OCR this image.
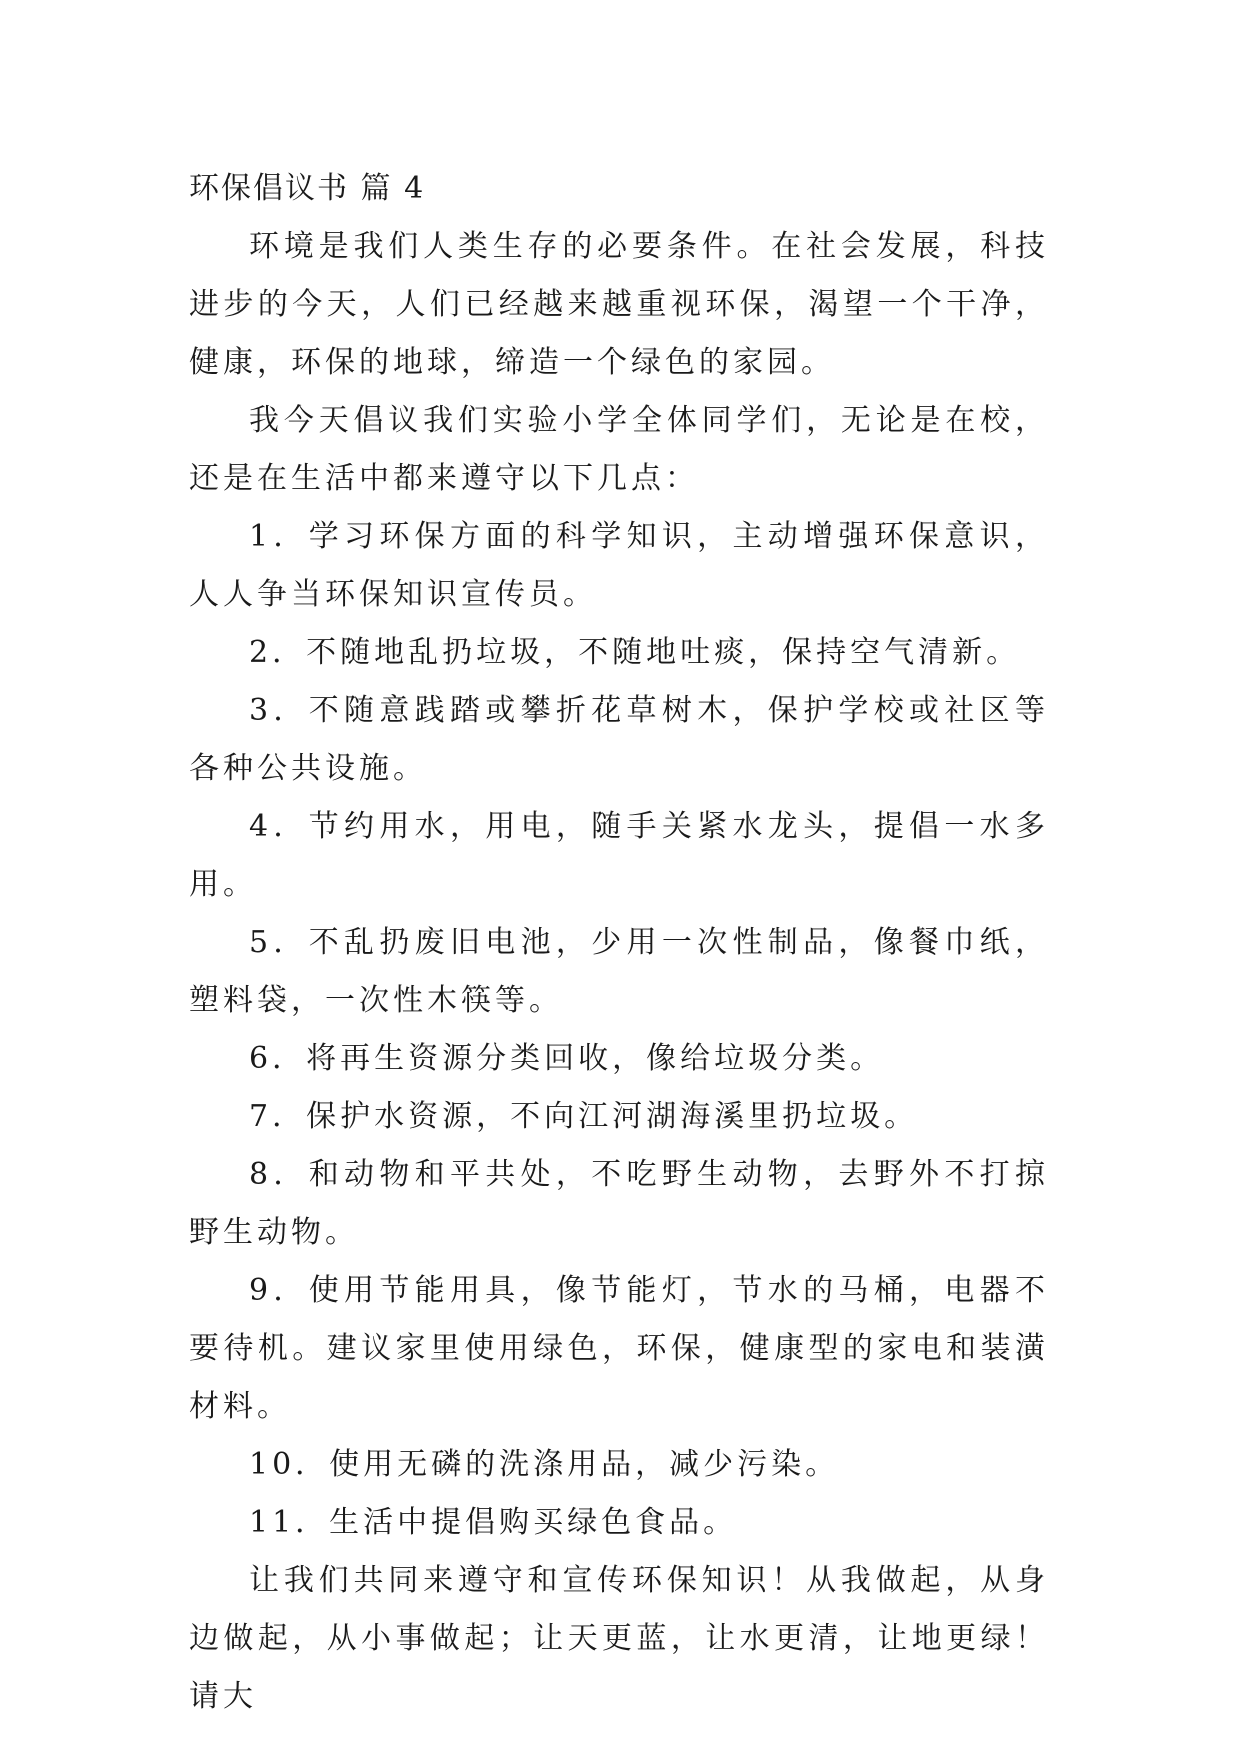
环保倡议书 篇 4

环境是我们人类生存的必要条件。在社会发展，科技进步的今天，人们已经越来越重视环保，渴望一个干净，健康，环保的地球，缔造一个绿色的家园。

我今天倡议我们实验小学全体同学们，无论是在校，还是在生活中都来遵守以下几点：

1．学习环保方面的科学知识，主动增强环保意识，人人争当环保知识宣传员。

2．不随地乱扔垃圾，不随地吐痰，保持空气清新。

3．不随意践踏或攀折花草树木，保护学校或社区等各种公共设施。

4．节约用水，用电，随手关紧水龙头，提倡一水多用。

5．不乱扔废旧电池，少用一次性制品，像餐巾纸，塑料袋，一次性木筷等。

6．将再生资源分类回收，像给垃圾分类。

7．保护水资源，不向江河湖海溪里扔垃圾。

8．和动物和平共处，不吃野生动物，去野外不打掠野生动物。

9．使用节能用具，像节能灯，节水的马桶，电器不要待机。建议家里使用绿色，环保，健康型的家电和装潢材料。

10．使用无磷的洗涤用品，减少污染。

11．生活中提倡购买绿色食品。

让我们共同来遵守和宣传环保知识！从我做起，从身边做起，从小事做起；让天更蓝，让水更清，让地更绿！请大
